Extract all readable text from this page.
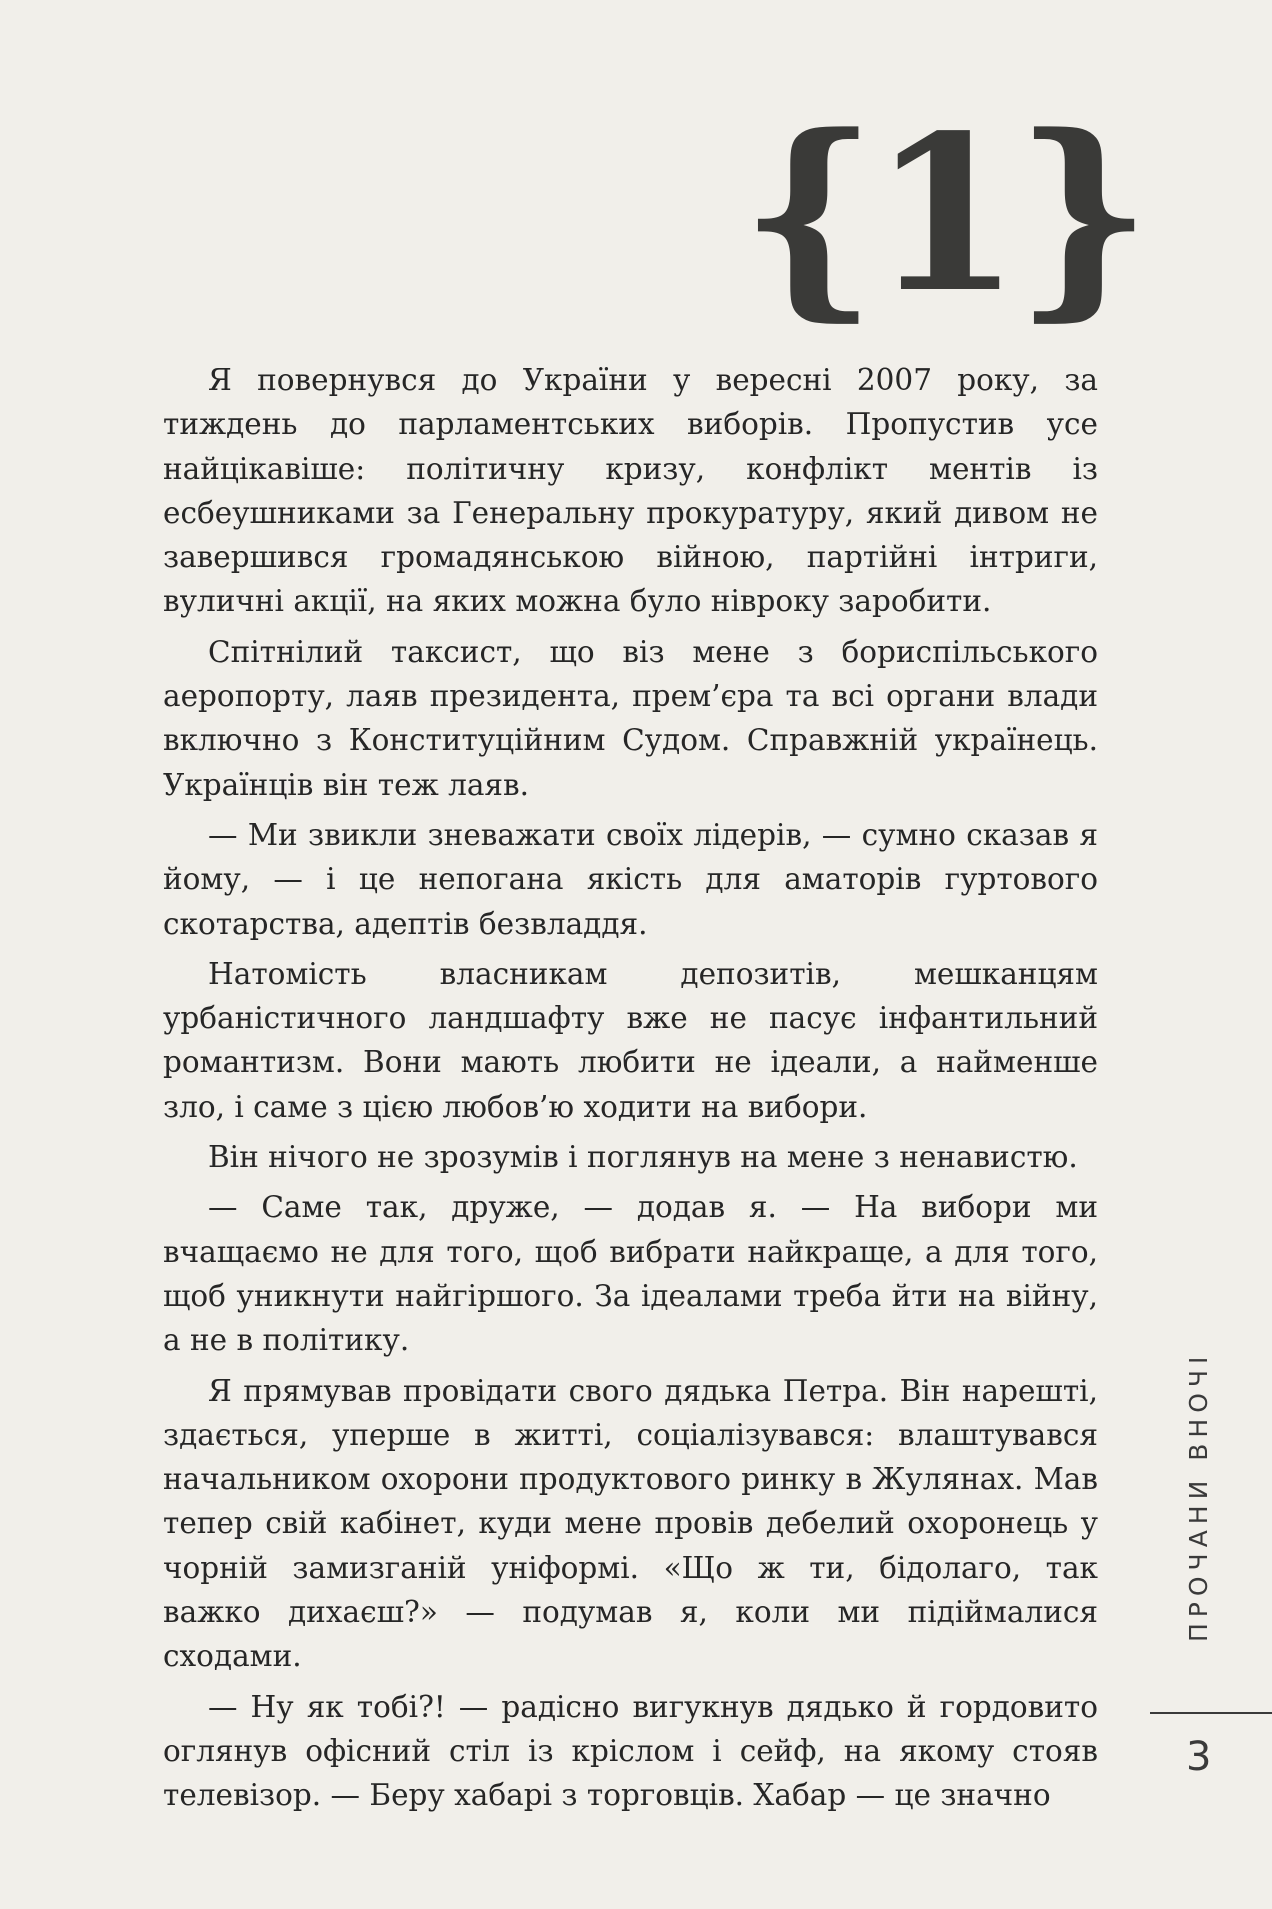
{1}

Я повернувся до України у вересні 2007 року, за тиждень до парламентських виборів. Пропустив усе найцікавіше: політичну кризу, конфлікт ментів із есбеушниками за Генеральну прокуратуру, який дивом не завершився громадянською війною, партійні інтриги, вуличні акції, на яких можна було нівроку заробити.

Спітнілий таксист, що віз мене з бориспільського аеропорту, лаяв президента, прем’єра та всі органи влади включно з Конституційним Судом. Справжній українець. Українців він теж лаяв.

— Ми звикли зневажати своїх лідерів, — сумно сказав я йому, — і це непогана якість для аматорів гуртового скотарства, адептів безвладдя.

Натомість власникам депозитів, мешканцям урбаністичного ландшафту вже не пасує інфантильний романтизм. Вони мають любити не ідеали, а найменше зло, і саме з цією любов’ю ходити на вибори.

Він нічого не зрозумів і поглянув на мене з ненавистю.

— Саме так, друже, — додав я. — На вибори ми вчащаємо не для того, щоб вибрати найкраще, а для того, щоб уникнути найгіршого. За ідеалами треба йти на війну, а не в політику.

Я прямував провідати свого дядька Петра. Він нарешті, здається, уперше в житті, соціалізувався: влаштувався начальником охорони продуктового ринку в Жулянах. Мав тепер свій кабінет, куди мене провів дебелий охоронець у чорній замизганій уніформі. «Що ж ти, бідолаго, так важко дихаєш?» — подумав я, коли ми підіймалися сходами.

— Ну як тобі?! — радісно вигукнув дядько й гордовито оглянув офісний стіл із кріслом і сейф, на якому стояв телевізор. — Беру хабарі з торговців. Хабар — це значно

ПРОЧАНИ ВНОЧІ
3
